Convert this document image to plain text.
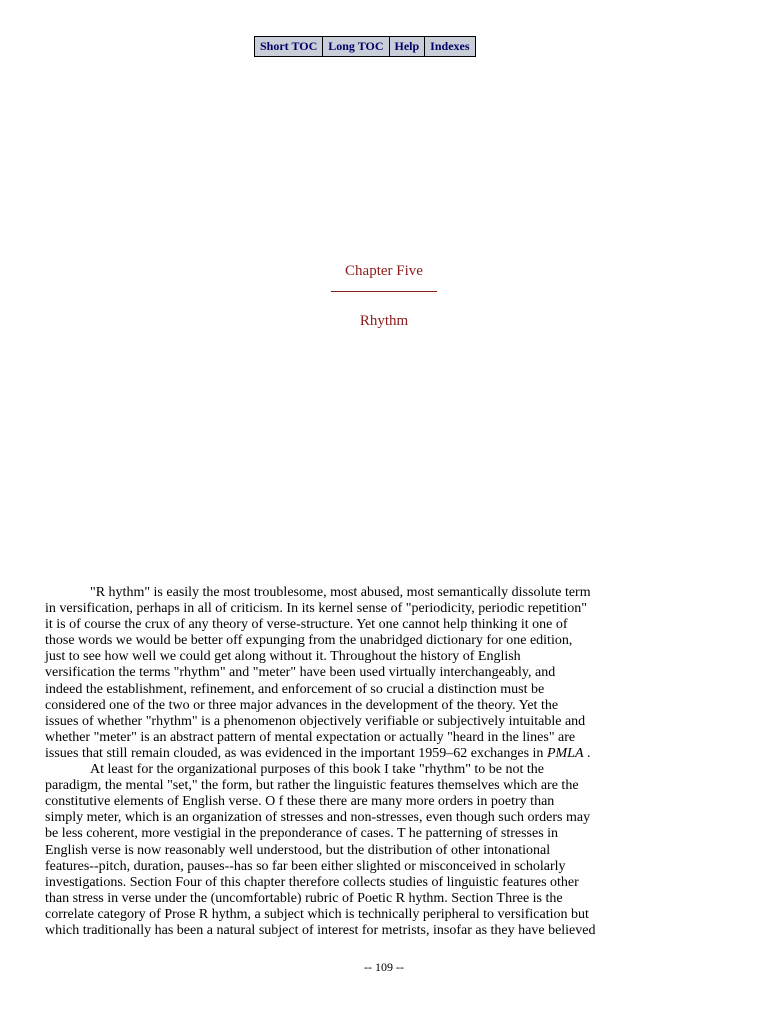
Short TOC Long TOC Help Indexes
Chapter Five
Rhythm
"R hythm" is easily the most troublesome, most abused, most semantically dissolute term
in versification, perhaps in all of criticism. In its kernel sense of "periodicity, periodic repetition"
it is of course the crux of any theory of verse-structure. Yet one cannot help thinking it one of
those words we would be better off expunging from the unabridged dictionary for one edition,
just to see how well we could get along without it. Throughout the history of English
versification the terms "rhythm" and "meter" have been used virtually interchangeably, and
indeed the establishment, refinement, and enforcement of so crucial a distinction must be
considered one of the two or three major advances in the development of the theory. Yet the
issues of whether "rhythm" is a phenomenon objectively verifiable or subjectively intuitable and
whether "meter" is an abstract pattern of mental expectation or actually "heard in the lines" are
issues that still remain clouded, as was evidenced in the important 1959–62 exchanges in PMLA .
At least for the organizational purposes of this book I take "rhythm" to be not the
paradigm, the mental "set," the form, but rather the linguistic features themselves which are the
constitutive elements of English verse. O f these there are many more orders in poetry than
simply meter, which is an organization of stresses and non-stresses, even though such orders may
be less coherent, more vestigial in the preponderance of cases. T he patterning of stresses in
English verse is now reasonably well understood, but the distribution of other intonational
features--pitch, duration, pauses--has so far been either slighted or misconceived in scholarly
investigations. Section Four of this chapter therefore collects studies of linguistic features other
than stress in verse under the (uncomfortable) rubric of Poetic R hythm. Section Three is the
correlate category of Prose R hythm, a subject which is technically peripheral to versification but
which traditionally has been a natural subject of interest for metrists, insofar as they have believed
-- 109 --
